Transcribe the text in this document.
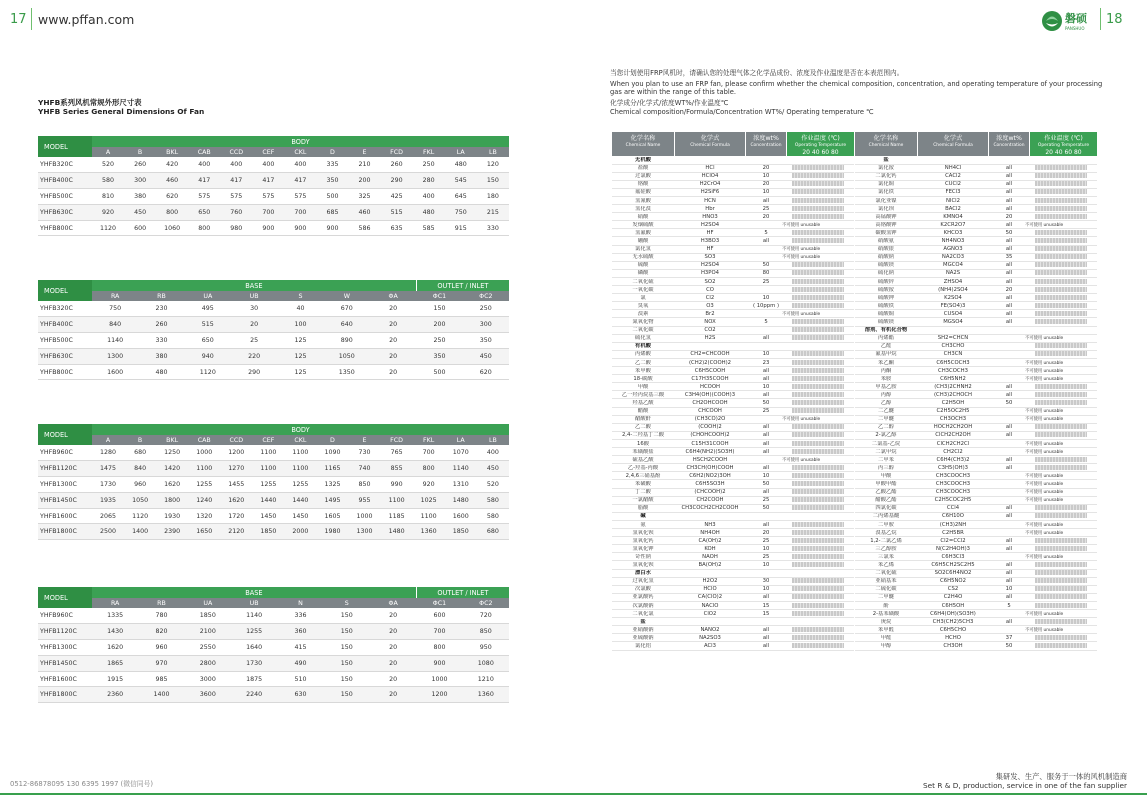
17 www.pffan.com	磐硕
PANSHUO
18
YHFB系列风机常规外形尺寸表
YHFB Series General Dimensions Of Fan
MODEL	BODY												
	A	B	BKL	CAB	CCD	CEF	CKL	D	E	FCD	FKL	LA	LB
YHFB320C	520	260	420	400	400	400	400	335	210	260	250	480	120
YHFB400C	580	300	460	417	417	417	417	350	200	290	280	545	150
YHFB500C	810	380	620	575	575	575	575	500	325	425	400	645	180
YHFB630C	920	450	800	650	760	700	700	685	460	515	480	750	215
YHFB800C	1120	600	1060	800	980	900	900	900	586	635	585	915	330
MODEL	BASE							OUTLET / INLET	
	RA	RB	UA	UB	S	W	ΦA	ΦC1	ΦC2
YHFB320C	750	230	495	30	40	670	20	150	250
YHFB400C	840	260	515	20	100	640	20	200	300
YHFB500C	1140	330	650	25	125	890	20	250	350
YHFB630C	1300	380	940	220	125	1050	20	350	450
YHFB800C	1600	480	1120	290	125	1350	20	500	620
MODEL	BODY												
	A	B	BKL	CAB	CCD	CEF	CKL	D	E	FCD	FKL	LA	LB
YHFB960C	1280	680	1250	1000	1200	1100	1100	1090	730	765	700	1070	400
YHFB1120C	1475	840	1420	1100	1270	1100	1100	1165	740	855	800	1140	450
YHFB1300C	1730	960	1620	1255	1455	1255	1255	1325	850	990	920	1310	520
YHFB1450C	1935	1050	1800	1240	1620	1440	1440	1495	955	1100	1025	1480	580
YHFB1600C	2065	1120	1930	1320	1720	1450	1450	1605	1000	1185	1100	1600	580
YHFB1800C	2500	1400	2390	1650	2120	1850	2000	1980	1300	1480	1360	1850	680
MODEL	BASE							OUTLET / INLET	
	RA	RB	UA	UB	N	S	ΦA	ΦC1	ΦC2
YHFB960C	1335	780	1850	1140	336	150	20	600	720
YHFB1120C	1430	820	2100	1255	360	150	20	700	850
YHFB1300C	1620	960	2550	1640	415	150	20	800	950
YHFB1450C	1865	970	2800	1730	490	150	20	900	1080
YHFB1600C	1915	985	3000	1875	510	150	20	1000	1210
YHFB1800C	2360	1400	3600	2240	630	150	20	1200	1360
当您计划使用FRP风机时，请确认您的处理气体之化学品成份、浓度及作业温度是否在本表范围内。
When you plan to use an FRP fan, please confirm whether the chemical composition, concentration, and operating temperature of your processing
gas are within the range of this table.
化学成分/化学式/浓度WT%/作业温度℃
Chemical composition/Formula/Concentration WT%/ Operating temperature ℃
化学名称
Chemical Name
化学式
Chemical Formula
浓度wt%
Concentration
作业温度 (℃)
Operating Temperature
20 40 60 80
无机酸
盐酸	HCl	20
过氯酸	HClO4	10
铬酸	H2CrO4	20
氟硅酸	H2SiF6	10
氢氰酸	HCN	all
氢化溴	Hbr	25
硝酸	HNO3	20
发烟硫酸	H2SO4	不可使用 unusable
氢氟酸	HF	5
硼酸	H3BO3	all
氯化氢	HF	不可使用 unusable
无水硫酸	SO3	不可使用 unusable
硫酸	H2SO4	50
磷酸	H3PO4	80
二氧化硫	SO2	25
一氧化碳	CO
氯	Cl2	10
臭氧	O3	( 10ppm )
溴素	Br2	不可使用 unusable
氮氧化物	NOX	5
二氧化碳	CO2
硫化氢	H2S	all
有机酸
丙烯酸	CH2=CHCOOH	10
乙二酸	(CH2)2(COOH)2	23
苯甲酸	C6H5COOH	all
18-碳酸	C17H35COOH	all
甲酸	HCOOH	10
乙一羟丙烷基三酸	C3H4(OH)(COOH)3	all
羟基乙酸	CH2OHCOOH	50
醋酸	CHCOOH	25
醋酸酐	(CH3CO)2O	不可使用 unusable
乙二酸	(COOH)2	all
2,4-二羟基丁二酸	(CHOHCOOH)2	all
16酸	C15H31COOH	all
苯磺酸盐	C6H4(NH2)(SO3H)	all
硫基乙酸	HSCH2COOH	不可使用 unusable
乙-羟基-丙酸	CH3CH(OH)COOH	all
2,4,6三硝基酚	C6H2(NO2)3OH	10
苯磺酸	C6H5SO3H	50
丁二酸	(CHCOOH)2	all
一氯醋酸	CH2COOH	25
脂酸	CH3COCH2CH2COOH	50
碱
氨	NH3	all
氢氧化钡	NH4OH	20
氢氧化钙	CA(OH)2	25
氢氧化钾	KOH	10
苛性钠	NAOH	25
氢氧化钡	BA(OH)2	10
漂白水
过氧化氢	H2O2	30
次氯酸	HClO	10
亚氯酸钙	CA(ClO)2	all
次氯酸钠	NAClO	15
二氧化氯	ClO2	15
盐
亚硝酸钠	NANO2	all
亚硫酸钠	NA2SO3	all
氯化铝	ACl3	all
化学名称
Chemical Name
化学式
Chemical Formula
浓度wt%
Concentration
作业温度 (℃)
Operating Temperature
20 40 60 80
盐
氯化铵	NH4Cl	all
二氯化钙	CACl2	all
氯化铜	CUCl2	all
氯化铁	FECl3	all
氯化亚镍	NICl2	all
氯化钡	BACl2	all
高锰酸钾	KMNO4	20
高铬酸钾	K2CR2O7	all	不可使用 unusable
碳酸氢钾	KHCO3	50
硝酸氨	NH4NO3	all
硝酸银	AGNO3	all
硝酸钠	NA2CO3	35
硫酸镁	MGCO4	all
硫化钠	NA2S	all
硫酸锌	ZHSO4	all
硫酸铵	(NH4)2SO4	20
硫酸钾	K2SO4	all
硫酸铁	FE(SO4)3	all
硫酸铜	CUSO4	all
硫酸镁	MGSO4	all
溶剂、有机化合物
丙烯酯	SH2=CHCN	不可使用 unusable
乙醛	CH3CHO
氟基甲烷	CH3CN
苯乙酮	C6H5COCH3	不可使用 unusable
丙酮	CH3COCH3	不可使用 unusable
苯胺	C6H5NH2	不可使用 unusable
甲基乙胺	(CH3)2CHNH2	all
丙醇	(CH3)2CHOCH	all
乙醇	C2H5OH	50
二乙醚	C2H5OC2H5	不可使用 unusable
二甲醚	CH3OCH3	不可使用 unusable
乙二醇	HOCH2CH2OH	all
2-氯乙醇	ClCH2CH2OH	all
二氯基-乙烷	ClCH2CH2Cl	不可使用 unusable
二氯甲烷	CH2Cl2	不可使用 unusable
二甲苯	C6H4(CH3)2	all
丙三醇	C3H5(OH)3	all
甲酸	CH3COOCH3	不可使用 unusable
甲酸甲酯	CH3COOCH3	不可使用 unusable
乙酸乙酯	CH3COOCH3	不可使用 unusable
醋酸乙酯	C2H5COC2H5	不可使用 unusable
四氯化碳	CCl4	all
二丙烯基醚	C6H10O	all
二甲胺	(CH3)2NH	不可使用 unusable
溴基乙烷	C2H5BR	不可使用 unusable
1,2-二氯乙烯	Cl2=CCl2	all
三乙醇胺	N(C2H4OH)3	all
三氯苯	C6H3Cl3	不可使用 unusable
苯乙烯	C6H5CH2SC2H5	all
二氧化硫	SO2C6H4NO2	all
亚硝基苯	C6H5NO2	all
二硫化碳	CS2	10
二甲醚	C2H4O	all
酚	C6H5OH	5
2-基苯磺酸	C6H4(OH)(SO3H)	不可使用 unusable
庚烷	CH3(CH2)5CH3	all
苯甲醛	C6H5CHO	不可使用 unusable
甲醛	HCHO	37
甲醇	CH3OH	50
0512-86878095 130 6395 1997 (微信同号)
集研发、生产、服务于一体的风机制造商
Set R & D, production, service in one of the fan supplier
